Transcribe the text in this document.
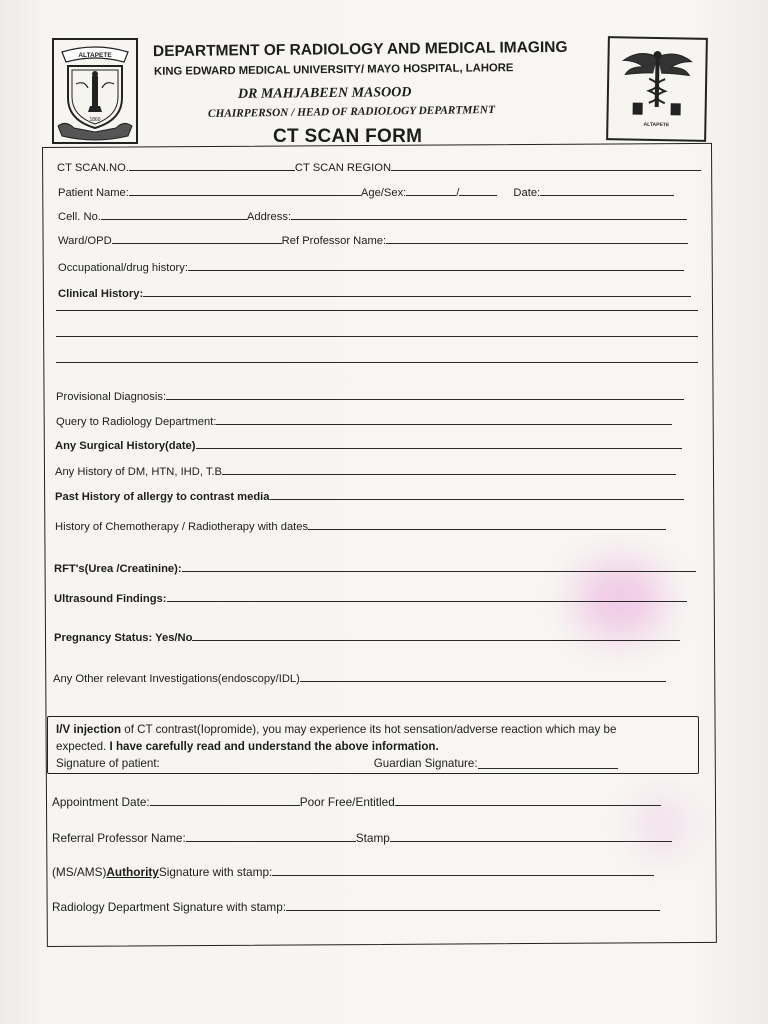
ALTAPETE
1860
ALTAPETE
DEPARTMENT OF RADIOLOGY AND MEDICAL IMAGING
KING EDWARD MEDICAL UNIVERSITY/ MAYO HOSPITAL, LAHORE
DR MAHJABEEN MASOOD
CHAIRPERSON / HEAD OF RADIOLOGY DEPARTMENT
CT SCAN FORM
CT SCAN.NO.	CT SCAN REGION
Patient Name:	Age/Sex:	/	Date:
Cell. No.	Address:
Ward/OPD	Ref Professor Name:
Occupational/drug history:
Clinical History:
Provisional Diagnosis:
Query to Radiology Department:
Any Surgical History(date)
Any History of DM, HTN, IHD, T.B
Past History of allergy to contrast media
History of Chemotherapy / Radiotherapy with dates
RFT's(Urea /Creatinine):
Ultrasound Findings:
Pregnancy Status: Yes/No
Any Other relevant Investigations(endoscopy/IDL)
I/V injection of CT contrast(Iopromide), you may experience its hot sensation/adverse reaction which may be
expected. I have carefully read and understand the above information.
Signature of patient:	Guardian Signature:
Appointment Date:	Poor Free/Entitled
Referral Professor Name:	Stamp
(MS/AMS) Authority Signature with stamp:
Radiology Department Signature with stamp:
